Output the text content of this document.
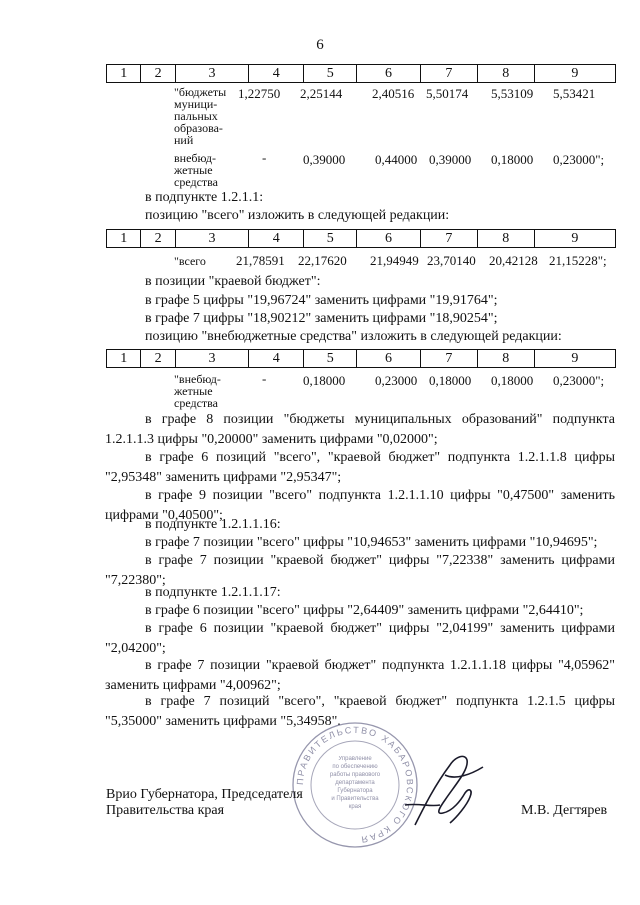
6
1	2	3	4	5	6	7	8	9
"бюджеты
муници-
пальных
образова-
ний
1,22750 2,25144 2,40516 5,50174 5,53109 5,53421
внебюд-
жетные
средства
-	0,39000 0,44000 0,39000 0,18000 0,23000";
в подпункте 1.2.1.1:
позицию "всего" изложить в следующей редакции:
1	2	3	4	5	6	7	8	9
"всего 21,78591 22,17620 21,94949 23,70140 20,42128 21,15228";
в позиции "краевой бюджет":
в графе 5 цифры "19,96724" заменить цифрами "19,91764";
в графе 7 цифры "18,90212" заменить цифрами "18,90254";
позицию "внебюджетные средства" изложить в следующей редакции:
1	2	3	4	5	6	7	8	9
"внебюд-
жетные
средства
-	0,18000 0,23000 0,18000 0,18000 0,23000";
в графе 8 позиции "бюджеты муниципальных образований" подпункта 1.2.1.1.3 цифры "0,20000" заменить цифрами "0,02000";
в графе 6 позиций "всего", "краевой бюджет" подпункта 1.2.1.1.8 цифры "2,95348" заменить цифрами "2,95347";
в графе 9 позиции "всего" подпункта 1.2.1.1.10 цифры "0,47500" заменить цифрами "0,40500";
в подпункте 1.2.1.1.16:
в графе 7 позиции "всего" цифры "10,94653" заменить цифрами "10,94695";
в графе 7 позиции "краевой бюджет" цифры "7,22338" заменить цифрами "7,22380";
в подпункте 1.2.1.1.17:
в графе 6 позиции "всего" цифры "2,64409" заменить цифрами "2,64410";
в графе 6 позиции "краевой бюджет" цифры "2,04199" заменить цифрами "2,04200";
в графе 7 позиции "краевой бюджет" подпункта 1.2.1.1.18 цифры "4,05962" заменить цифрами "4,00962";
в графе 7 позиций "всего", "краевой бюджет" подпункта 1.2.1.5 цифры "5,35000" заменить цифрами "5,34958".
ПРАВИТЕЛЬСТВО ХАБАРОВСКОГО КРАЯ
Управление
по обеспечению
работы правового
департамента
Губернатора
и Правительства
края
Врио Губернатора, Председателя
Правительства края	М.В. Дегтярев
